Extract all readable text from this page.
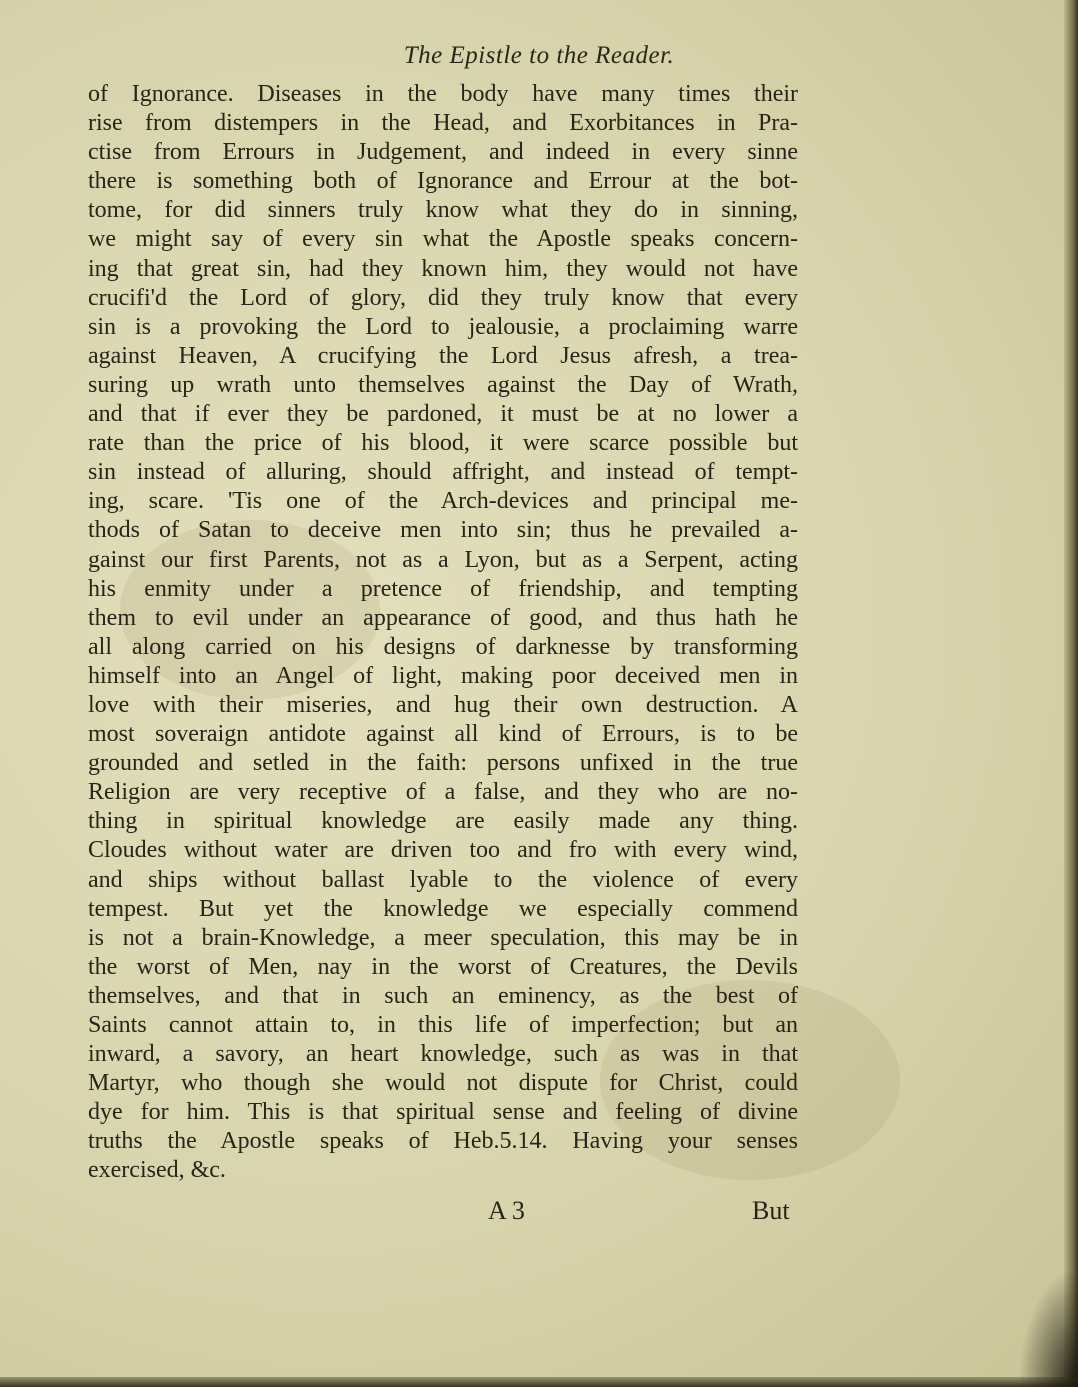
The Epistle to the Reader.
of Ignorance. Diseases in the body have many times their
rise from distempers in the Head, and Exorbitances in Pra-
ctise from Errours in Judgement, and indeed in every sinne
there is something both of Ignorance and Errour at the bot-
tome, for did sinners truly know what they do in sinning,
we might say of every sin what the Apostle speaks concern-
ing that great sin, had they known him, they would not have
crucifi'd the Lord of glory, did they truly know that every
sin is a provoking the Lord to jealousie, a proclaiming warre
against Heaven, A crucifying the Lord Jesus afresh, a trea-
suring up wrath unto themselves against the Day of Wrath,
and that if ever they be pardoned, it must be at no lower a
rate than the price of his blood, it were scarce possible but
sin instead of alluring, should affright, and instead of tempt-
ing, scare. 'Tis one of the Arch-devices and principal me-
thods of Satan to deceive men into sin; thus he prevailed a-
gainst our first Parents, not as a Lyon, but as a Serpent, acting
his enmity under a pretence of friendship, and tempting
them to evil under an appearance of good, and thus hath he
all along carried on his designs of darknesse by transforming
himself into an Angel of light, making poor deceived men in
love with their miseries, and hug their own destruction. A
most soveraign antidote against all kind of Errours, is to be
grounded and setled in the faith: persons unfixed in the true
Religion are very receptive of a false, and they who are no-
thing in spiritual knowledge are easily made any thing.
Cloudes without water are driven too and fro with every wind,
and ships without ballast lyable to the violence of every
tempest. But yet the knowledge we especially commend
is not a brain-Knowledge, a meer speculation, this may be in
the worst of Men, nay in the worst of Creatures, the Devils
themselves, and that in such an eminency, as the best of
Saints cannot attain to, in this life of imperfection; but an
inward, a savory, an heart knowledge, such as was in that
Martyr, who though she would not dispute for Christ, could
dye for him. This is that spiritual sense and feeling of divine
truths the Apostle speaks of Heb.5.14. Having your senses
exercised, &c.
A 3	But
